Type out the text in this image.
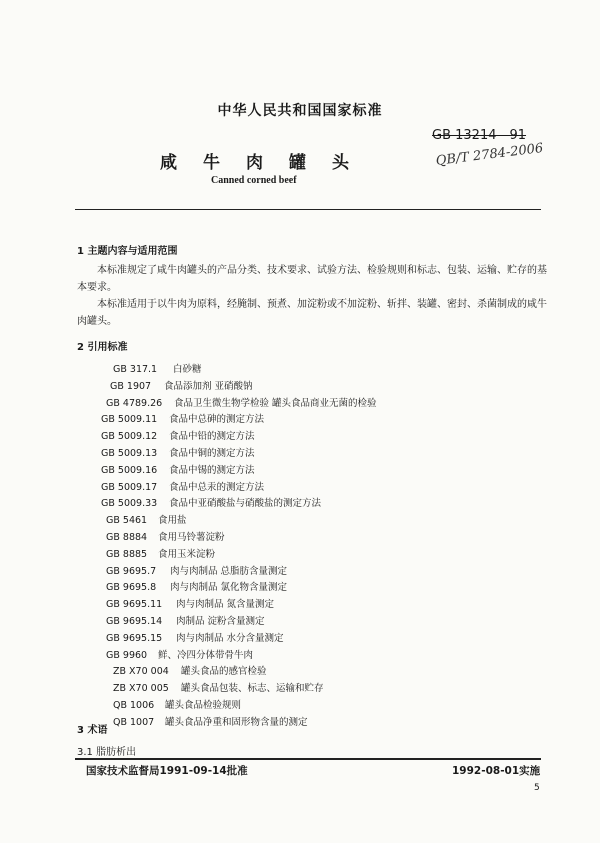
中华人民共和国国家标准
GB 13214—91
QB/T 2784-2006
咸牛肉罐头
Canned corned beef
1 主题内容与适用范围
本标准规定了咸牛肉罐头的产品分类、技术要求、试验方法、检验规则和标志、包装、运输、贮存的基本要求。
本标准适用于以牛肉为原料，经腌制、预煮、加淀粉或不加淀粉、斩拌、装罐、密封、杀菌制成的咸牛肉罐头。
2 引用标准
GB 317.1 白砂糖
GB 1907 食品添加剂 亚硝酸钠
GB 4789.26 食品卫生微生物学检验 罐头食品商业无菌的检验
GB 5009.11 食品中总砷的测定方法
GB 5009.12 食品中铅的测定方法
GB 5009.13 食品中铜的测定方法
GB 5009.16 食品中锡的测定方法
GB 5009.17 食品中总汞的测定方法
GB 5009.33 食品中亚硝酸盐与硝酸盐的测定方法
GB 5461 食用盐
GB 8884 食用马铃薯淀粉
GB 8885 食用玉米淀粉
GB 9695.7 肉与肉制品 总脂肪含量测定
GB 9695.8 肉与肉制品 氯化物含量测定
GB 9695.11 肉与肉制品 氮含量测定
GB 9695.14 肉制品 淀粉含量测定
GB 9695.15 肉与肉制品 水分含量测定
GB 9960 鲜、冷四分体带骨牛肉
ZB X70 004 罐头食品的感官检验
ZB X70 005 罐头食品包装、标志、运输和贮存
QB 1006 罐头食品检验规则
QB 1007 罐头食品净重和固形物含量的测定
3 术语
3.1 脂肪析出
国家技术监督局1991-09-14批准	1992-08-01实施
5
